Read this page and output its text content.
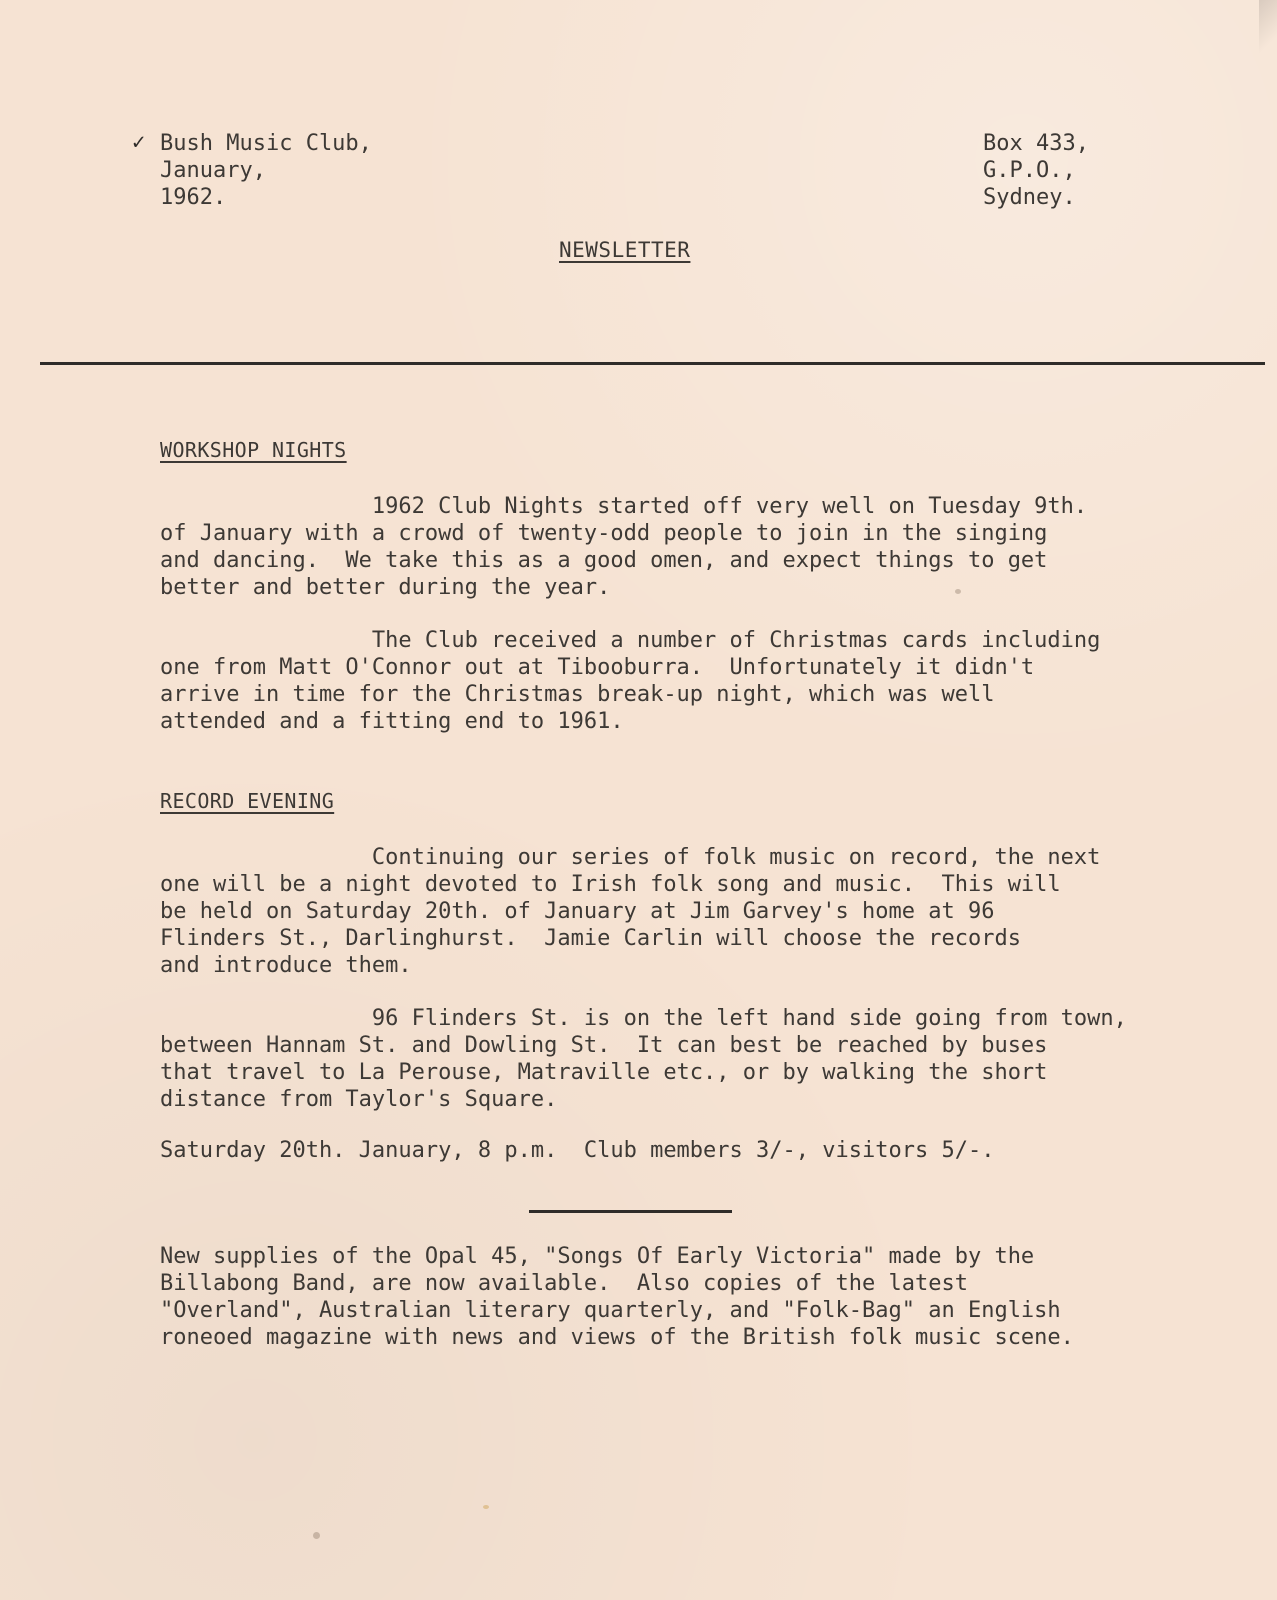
✓ Bush Music Club,
January,
1962.
Box 433,
G.P.O.,
Sydney.
NEWSLETTER
WORKSHOP NIGHTS
1962 Club Nights started off very well on Tuesday 9th.
of January with a crowd of twenty-odd people to join in the singing
and dancing.  We take this as a good omen, and expect things to get
better and better during the year.
The Club received a number of Christmas cards including
one from Matt O'Connor out at Tibooburra.  Unfortunately it didn't
arrive in time for the Christmas break-up night, which was well
attended and a fitting end to 1961.
RECORD EVENING
Continuing our series of folk music on record, the next
one will be a night devoted to Irish folk song and music.  This will
be held on Saturday 20th. of January at Jim Garvey's home at 96
Flinders St., Darlinghurst.  Jamie Carlin will choose the records
and introduce them.
96 Flinders St. is on the left hand side going from town,
between Hannam St. and Dowling St.  It can best be reached by buses
that travel to La Perouse, Matraville etc., or by walking the short
distance from Taylor's Square.
Saturday 20th. January, 8 p.m.  Club members 3/-, visitors 5/-.
New supplies of the Opal 45, "Songs Of Early Victoria" made by the
Billabong Band, are now available.  Also copies of the latest
"Overland", Australian literary quarterly, and "Folk-Bag" an English
roneoed magazine with news and views of the British folk music scene.
